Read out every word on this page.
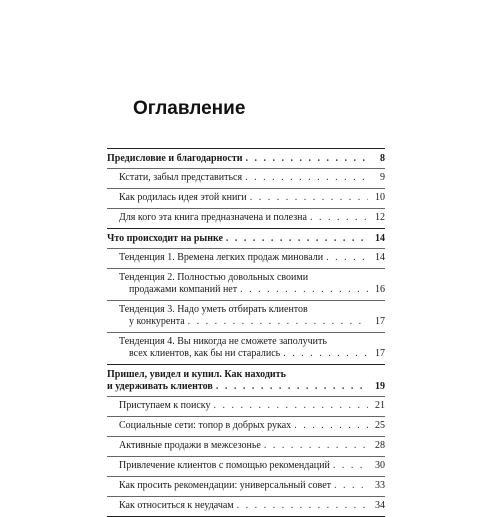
Оглавление
Предисловие и благодарности . . .	8
Кстати, забыл представиться . . .	9
Как родилась идея этой книги . . .	10
Для кого эта книга предназначена и полезна . . .	12
Что происходит на рынке . . .	14
Тенденция 1. Времена легких продаж миновали . . .	14
Тенденция 2. Полностью довольных своими
продажами компаний нет . . .	16
Тенденция 3. Надо уметь отбирать клиентов
у конкурента . . .	17
Тенденция 4. Вы никогда не сможете заполучить
всех клиентов, как бы ни старались . . .	17
Пришел, увидел и купил. Как находить
и удерживать клиентов . . .	19
Приступаем к поиску . . .	21
Социальные сети: топор в добрых руках . . .	25
Активные продажи в межсезонье . . .	28
Привлечение клиентов с помощью рекомендаций . . .	30
Как просить рекомендации: универсальный совет . . .	33
Как относиться к неудачам . . .	34
